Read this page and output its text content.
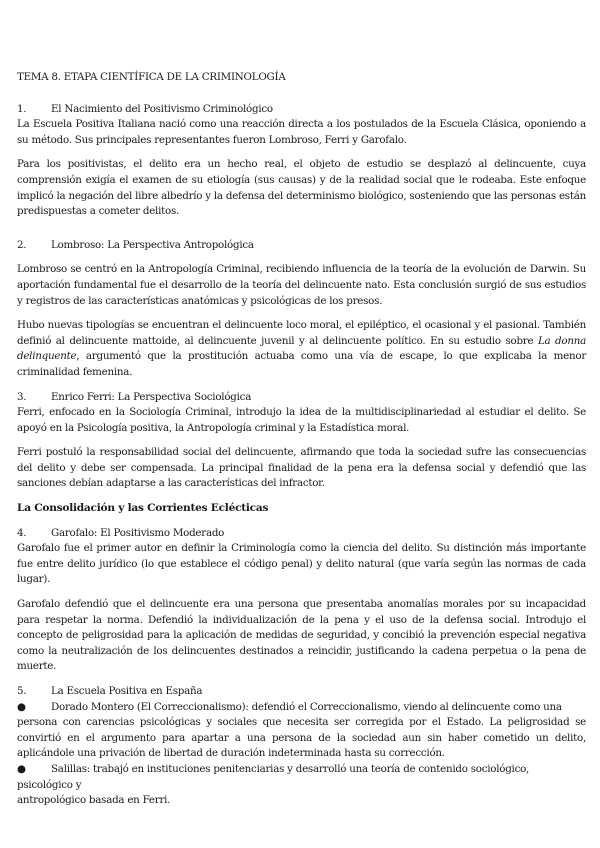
TEMA 8. ETAPA CIENTÍFICA DE LA CRIMINOLOGÍA
1. El Nacimiento del Positivismo Criminológico

La Escuela Positiva Italiana nació como una reacción directa a los postulados de la Escuela Clásica, oponiendo a su método. Sus principales representantes fueron Lombroso, Ferri y Garofalo.

Para los positivistas, el delito era un hecho real, el objeto de estudio se desplazó al delincuente, cuya comprensión exigía el examen de su etiología (sus causas) y de la realidad social que le rodeaba. Este enfoque implicó la negación del libre albedrío y la defensa del determinismo biológico, sosteniendo que las personas están predispuestas a cometer delitos.

2. Lombroso: La Perspectiva Antropológica

Lombroso se centró en la Antropología Criminal, recibiendo influencia de la teoría de la evolución de Darwin. Su aportación fundamental fue el desarrollo de la teoría del delincuente nato. Esta conclusión surgió de sus estudios y registros de las características anatómicas y psicológicas de los presos.

Hubo nuevas tipologías se encuentran el delincuente loco moral, el epiléptico, el ocasional y el pasional. También definió al delincuente mattoide, al delincuente juvenil y al delincuente político. En su estudio sobre La donna delinquente, argumentó que la prostitución actuaba como una vía de escape, lo que explicaba la menor criminalidad femenina.

3. Enrico Ferri: La Perspectiva Sociológica

Ferri, enfocado en la Sociología Criminal, introdujo la idea de la multidisciplinariedad al estudiar el delito. Se apoyó en la Psicología positiva, la Antropología criminal y la Estadística moral.

Ferri postuló la responsabilidad social del delincuente, afirmando que toda la sociedad sufre las consecuencias del delito y debe ser compensada. La principal finalidad de la pena era la defensa social y defendió que las sanciones debían adaptarse a las características del infractor.

La Consolidación y las Corrientes Eclécticas
4. Garofalo: El Positivismo Moderado

Garofalo fue el primer autor en definir la Criminología como la ciencia del delito. Su distinción más importante fue entre delito jurídico (lo que establece el código penal) y delito natural (que varía según las normas de cada lugar).

Garofalo defendió que el delincuente era una persona que presentaba anomalías morales por su incapacidad para respetar la norma. Defendió la individualización de la pena y el uso de la defensa social. Introdujo el concepto de peligrosidad para la aplicación de medidas de seguridad, y concibió la prevención especial negativa como la neutralización de los delincuentes destinados a reincidir, justificando la cadena perpetua o la pena de muerte.

5. La Escuela Positiva en España
● Dorado Montero (El Correccionalismo): defendió el Correccionalismo, viendo al delincuente como una

persona con carencias psicológicas y sociales que necesita ser corregida por el Estado. La peligrosidad se convirtió en el argumento para apartar a una persona de la sociedad aun sin haber cometido un delito, aplicándole una privación de libertad de duración indeterminada hasta su corrección.

● Salillas: trabajó en instituciones penitenciarias y desarrolló una teoría de contenido sociológico, psicológico y

antropológico basada en Ferri.
